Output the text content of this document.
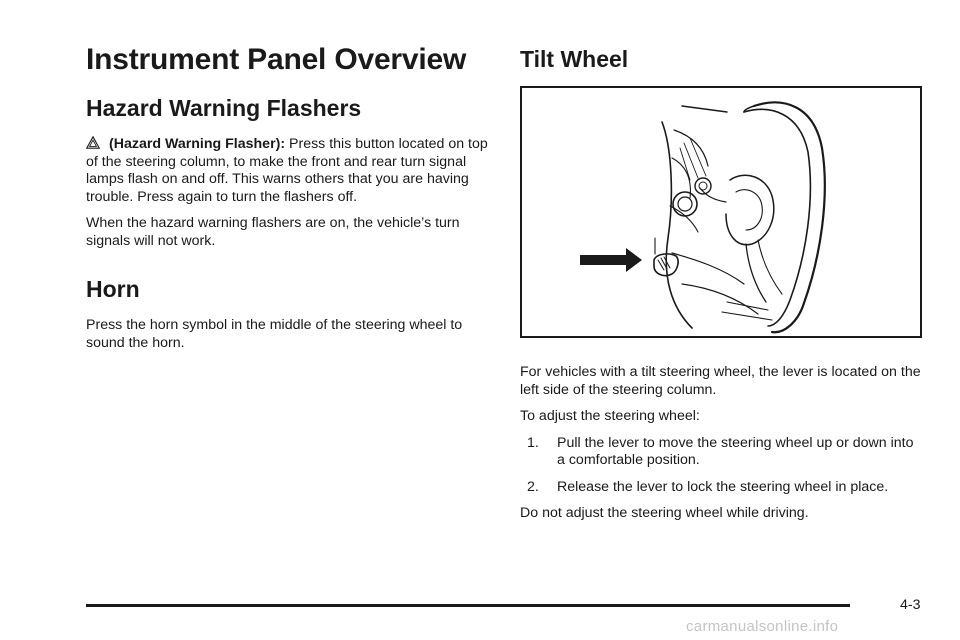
Instrument Panel Overview
Hazard Warning Flashers

(Hazard Warning Flasher): Press this button located on top of the steering column, to make the front and rear turn signal lamps flash on and off. This warns others that you are having trouble. Press again to turn the flashers off.

When the hazard warning flashers are on, the vehicle’s turn signals will not work.

Horn

Press the horn symbol in the middle of the steering wheel to sound the horn.

Tilt Wheel

For vehicles with a tilt steering wheel, the lever is located on the left side of the steering column.

To adjust the steering wheel:

1. Pull the lever to move the steering wheel up or down into a comfortable position.
2. Release the lever to lock the steering wheel in place.

Do not adjust the steering wheel while driving.

4-3
carmanualsonline.info
